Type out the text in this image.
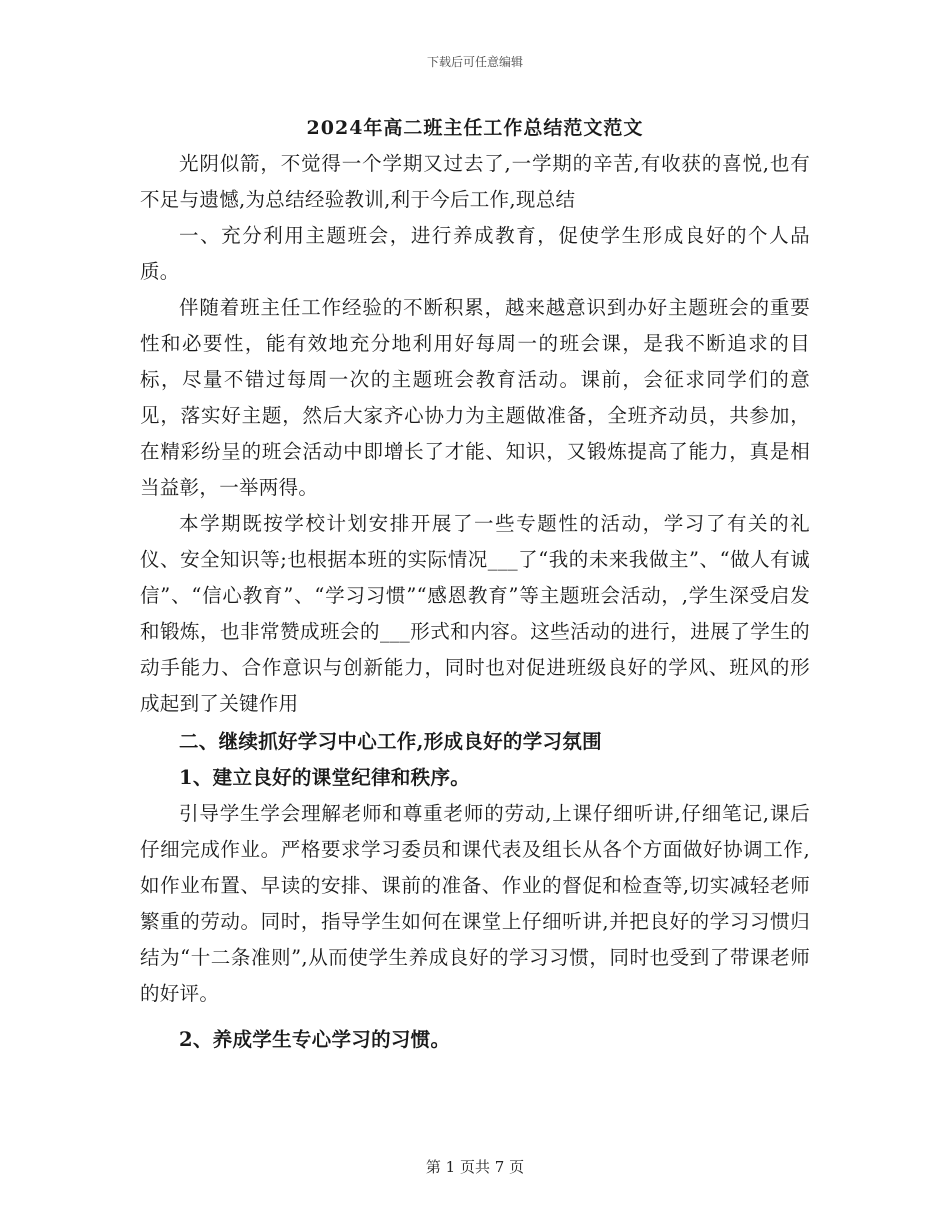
下载后可任意编辑
2024年高二班主任工作总结范文范文

光阴似箭，不觉得一个学期又过去了,一学期的辛苦,有收获的喜悦,也有不足与遗憾,为总结经验教训,利于今后工作,现总结

一、充分利用主题班会，进行养成教育，促使学生形成良好的个人品质。

伴随着班主任工作经验的不断积累，越来越意识到办好主题班会的重要性和必要性，能有效地充分地利用好每周一的班会课，是我不断追求的目标，尽量不错过每周一次的主题班会教育活动。课前，会征求同学们的意见，落实好主题，然后大家齐心协力为主题做准备，全班齐动员，共参加，在精彩纷呈的班会活动中即增长了才能、知识，又锻炼提高了能力，真是相当益彰，一举两得。

本学期既按学校计划安排开展了一些专题性的活动，学习了有关的礼仪、安全知识等;也根据本班的实际情况___了“我的未来我做主”、“做人有诚信”、“信心教育”、“学习习惯”“感恩教育”等主题班会活动，,学生深受启发和锻炼，也非常赞成班会的___形式和内容。这些活动的进行，进展了学生的动手能力、合作意识与创新能力，同时也对促进班级良好的学风、班风的形成起到了关键作用

二、继续抓好学习中心工作,形成良好的学习氛围

1、建立良好的课堂纪律和秩序。

引导学生学会理解老师和尊重老师的劳动,上课仔细听讲,仔细笔记,课后仔细完成作业。严格要求学习委员和课代表及组长从各个方面做好协调工作,如作业布置、早读的安排、课前的准备、作业的督促和检查等,切实减轻老师繁重的劳动。同时，指导学生如何在课堂上仔细听讲,并把良好的学习习惯归结为“十二条准则”,从而使学生养成良好的学习习惯，同时也受到了带课老师的好评。

2、养成学生专心学习的习惯。

第 1 页共 7 页
